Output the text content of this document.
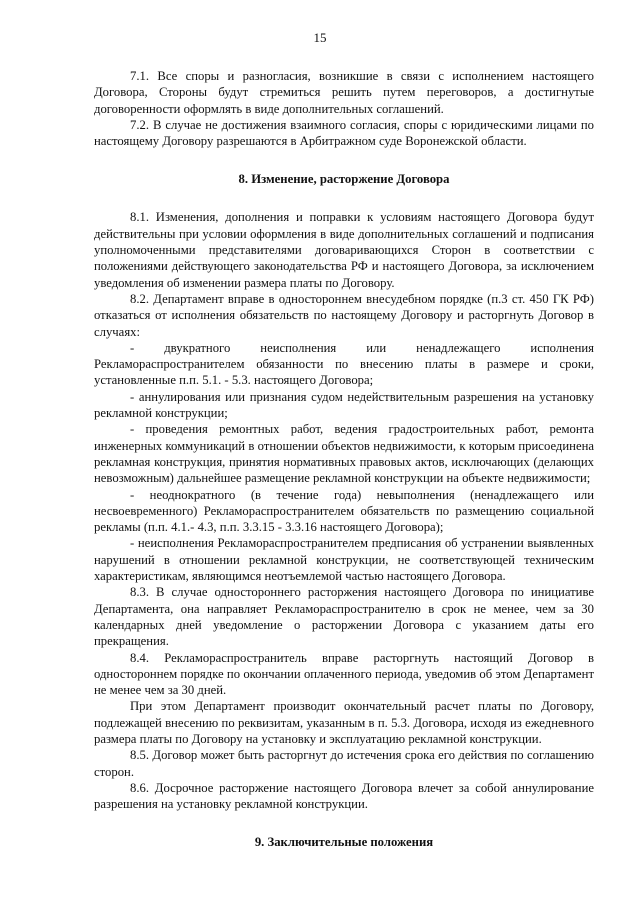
15

7.1. Все споры и разногласия, возникшие в связи с исполнением настоящего Договора, Стороны будут стремиться решить путем переговоров, а достигнутые договоренности оформлять в виде дополнительных соглашений.

7.2. В случае не достижения взаимного согласия, споры с юридическими лицами по настоящему Договору разрешаются в Арбитражном суде Воронежской области.

8. Изменение, расторжение Договора

8.1. Изменения, дополнения и поправки к условиям настоящего Договора будут действительны при условии оформления в виде дополнительных соглашений и подписания уполномоченными представителями договаривающихся Сторон в соответствии с положениями действующего законодательства РФ и настоящего Договора, за исключением уведомления об изменении размера платы по Договору.

8.2. Департамент вправе в одностороннем внесудебном порядке (п.3 ст. 450 ГК РФ) отказаться от исполнения обязательств по настоящему Договору и расторгнуть Договор в случаях:

- двукратного неисполнения или ненадлежащего исполнения Рекламораспространителем обязанности по внесению платы в размере и сроки, установленные п.п. 5.1. - 5.3. настоящего Договора;

- аннулирования или признания судом недействительным разрешения на установку рекламной конструкции;

- проведения ремонтных работ, ведения градостроительных работ, ремонта инженерных коммуникаций в отношении объектов недвижимости, к которым присоединена рекламная конструкция, принятия нормативных правовых актов, исключающих (делающих невозможным) дальнейшее размещение рекламной конструкции на объекте недвижимости;

- неоднократного (в течение года) невыполнения (ненадлежащего или несвоевременного) Рекламораспространителем обязательств по размещению социальной рекламы (п.п. 4.1.- 4.3, п.п. 3.3.15 - 3.3.16 настоящего Договора);

- неисполнения Рекламораспространителем предписания об устранении выявленных нарушений в отношении рекламной конструкции, не соответствующей техническим характеристикам, являющимся неотъемлемой частью настоящего Договора.

8.3. В случае одностороннего расторжения настоящего Договора по инициативе Департамента, она направляет Рекламораспространителю в срок не менее, чем за 30 календарных дней уведомление о расторжении Договора с указанием даты его прекращения.

8.4. Рекламораспространитель вправе расторгнуть настоящий Договор в одностороннем порядке по окончании оплаченного периода, уведомив об этом Департамент не менее чем за 30 дней.

При этом Департамент производит окончательный расчет платы по Договору, подлежащей внесению по реквизитам, указанным в п. 5.3. Договора, исходя из ежедневного размера платы по Договору на установку и эксплуатацию рекламной конструкции.

8.5. Договор может быть расторгнут до истечения срока его действия по соглашению сторон.

8.6. Досрочное расторжение настоящего Договора влечет за собой аннулирование разрешения на установку рекламной конструкции.

9. Заключительные положения
